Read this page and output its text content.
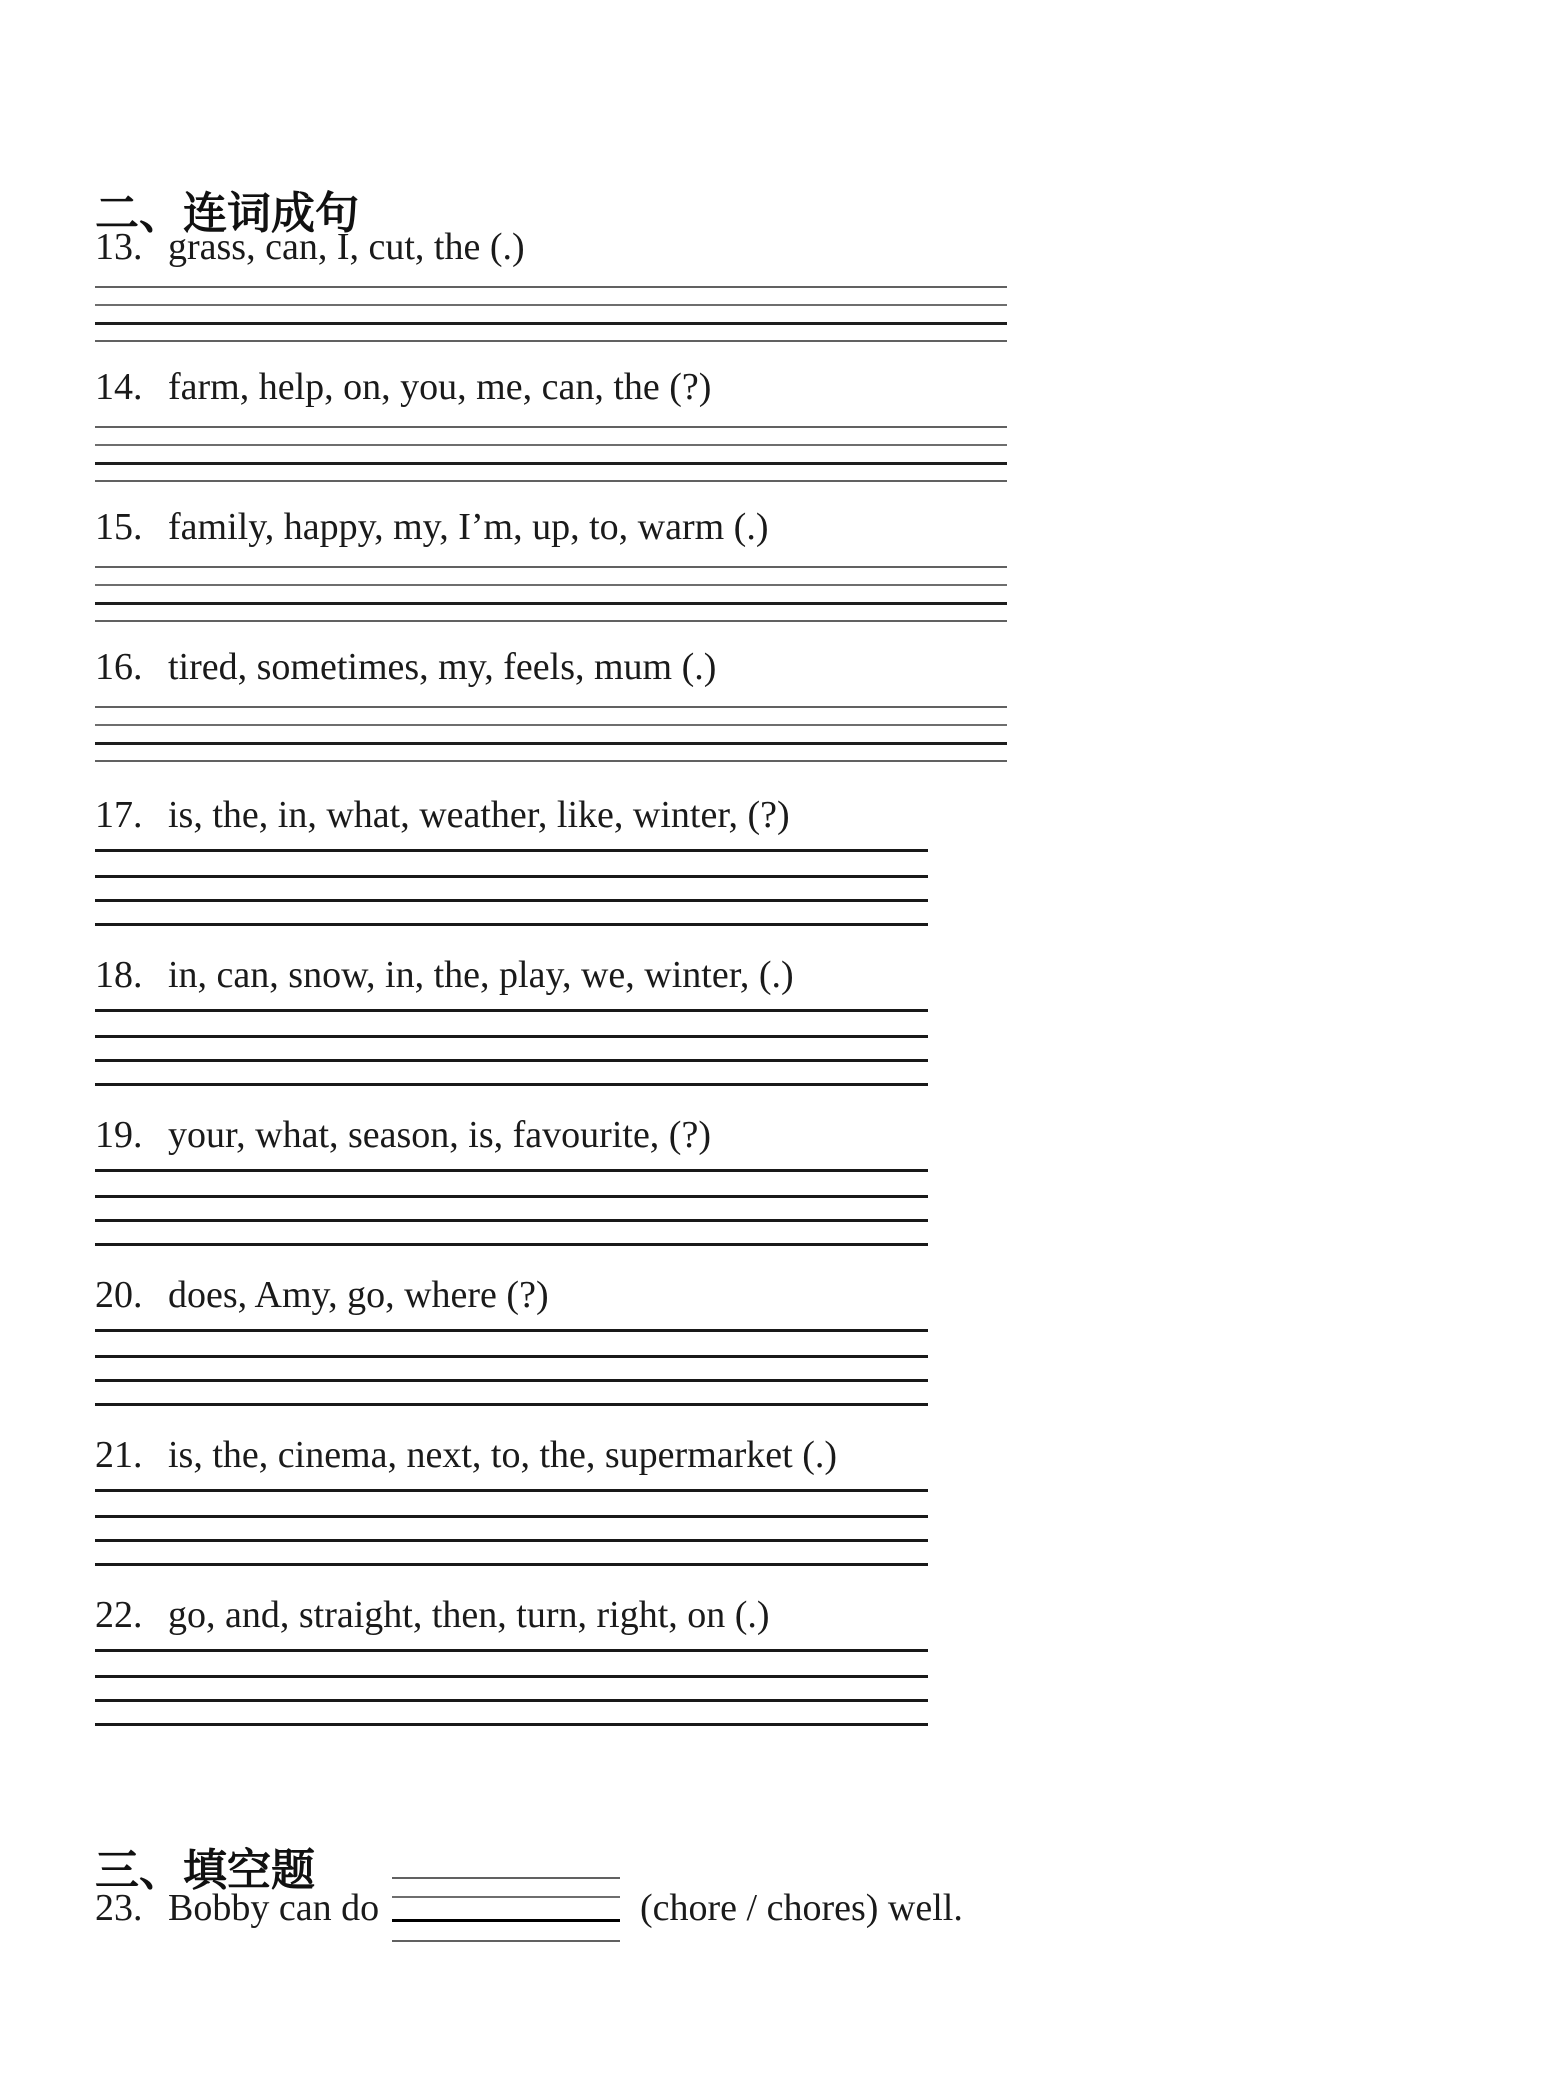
二、连词成句
13. grass, can, I, cut, the (.)
14. farm, help, on, you, me, can, the (?)
15. family, happy, my, I’m, up, to, warm (.)
16. tired, sometimes, my, feels, mum (.)
17. is, the, in, what, weather, like, winter, (?)
18. in, can, snow, in, the, play, we, winter, (.)
19. your, what, season, is, favourite, (?)
20. does, Amy, go, where (?)
21. is, the, cinema, next, to, the, supermarket (.)
22. go, and, straight, then, turn, right, on (.)
三、填空题
23. Bobby can do	(chore / chores) well.
